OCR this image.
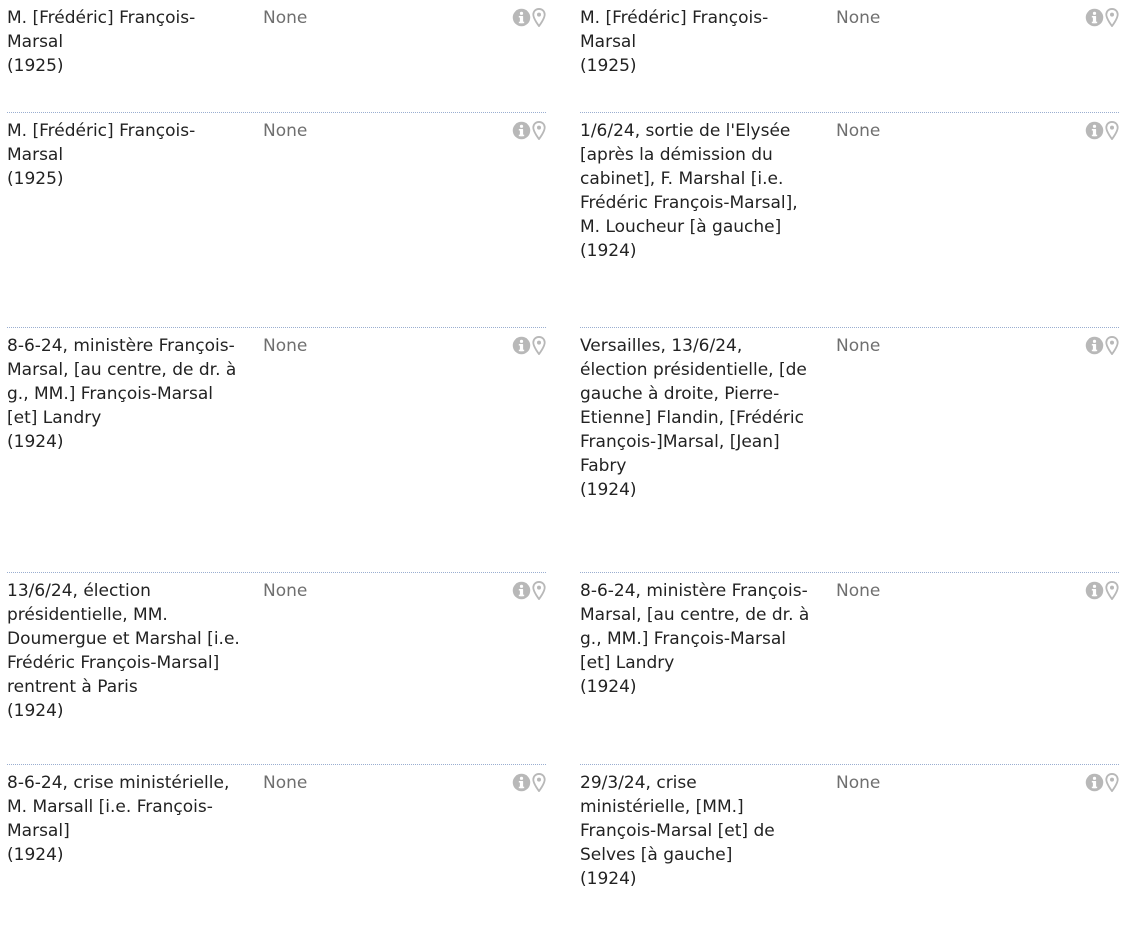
M. [Frédéric] François-
Marsal
(1925)
None
M. [Frédéric] François-
Marsal
(1925)
None
8-6-24, ministère François-
Marsal, [au centre, de dr. à
g., MM.] François-Marsal
[et] Landry
(1924)
None
13/6/24, élection
présidentielle, MM.
Doumergue et Marshal [i.e.
Frédéric François-Marsal]
rentrent à Paris
(1924)
None
8-6-24, crise ministérielle,
M. Marsall [i.e. François-
Marsal]
(1924)
None
M. [Frédéric] François-
Marsal
(1925)
None
1/6/24, sortie de l'Elysée
[après la démission du
cabinet], F. Marshal [i.e.
Frédéric François-Marsal],
M. Loucheur [à gauche]
(1924)
None
Versailles, 13/6/24,
élection présidentielle, [de
gauche à droite, Pierre-
Etienne] Flandin, [Frédéric
François-]Marsal, [Jean]
Fabry
(1924)
None
8-6-24, ministère François-
Marsal, [au centre, de dr. à
g., MM.] François-Marsal
[et] Landry
(1924)
None
29/3/24, crise
ministérielle, [MM.]
François-Marsal [et] de
Selves [à gauche]
(1924)
None
